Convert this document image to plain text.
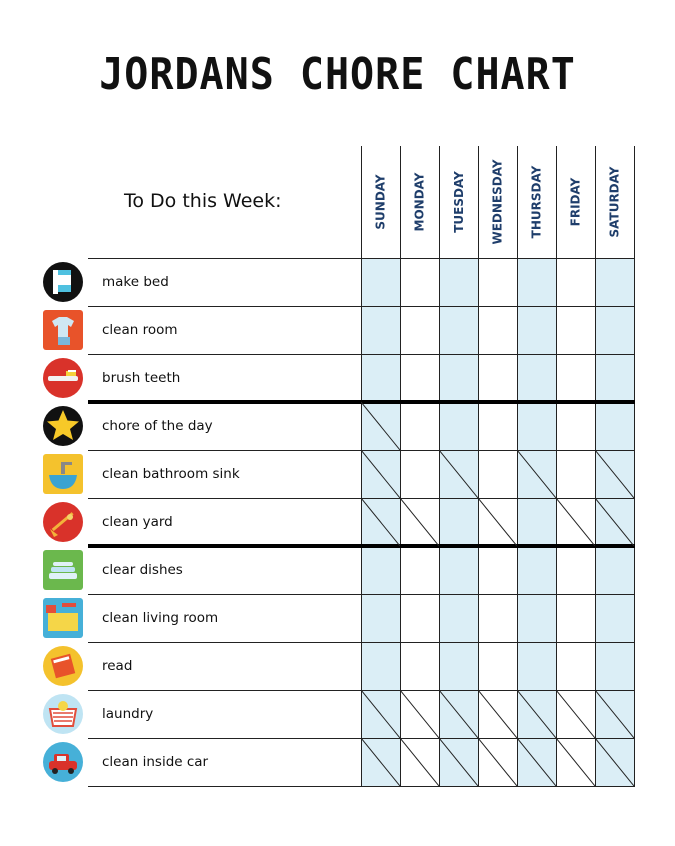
JORDANS CHORE CHART
To Do this Week:	SUNDAY MONDAY TUESDAY WEDNESDAY THURSDAY FRIDAY SATURDAY
make bed
clean room
brush teeth
chore of the day
clean bathroom sink
clean yard
clear dishes
clean living room
read
laundry
clean inside car
